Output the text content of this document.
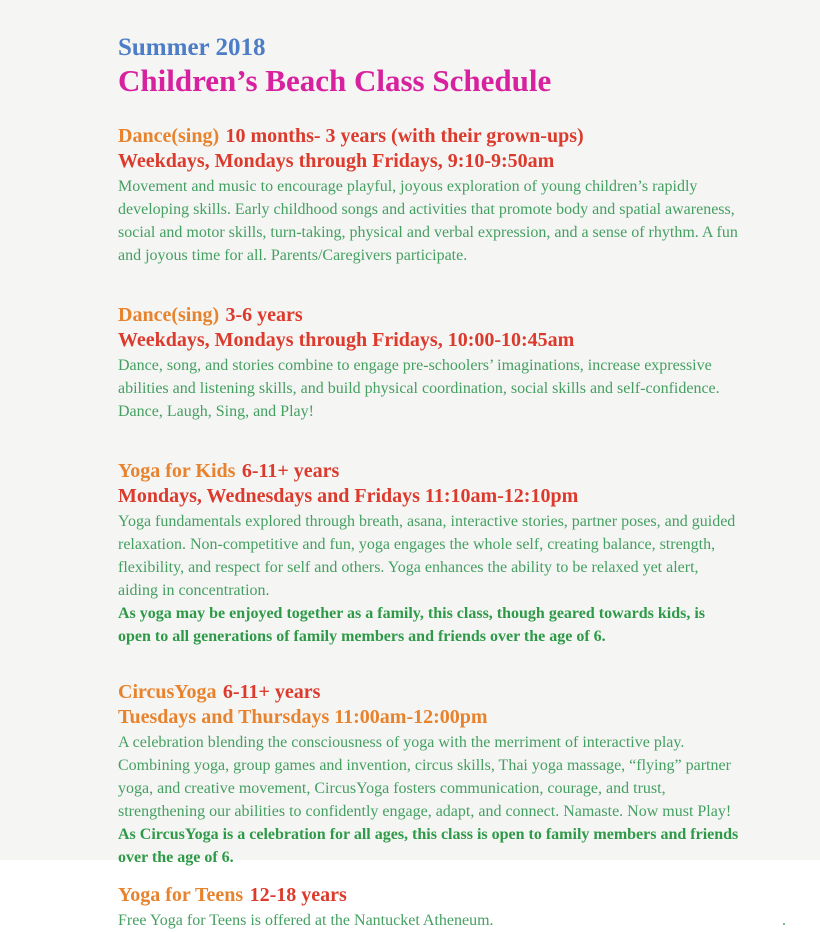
Summer 2018
Children’s Beach Class Schedule
Dance(sing) 10 months- 3 years (with their grown-ups)
Weekdays, Mondays through Fridays, 9:10-9:50am

Movement and music to encourage playful, joyous exploration of young children’s rapidly developing skills. Early childhood songs and activities that promote body and spatial awareness, social and motor skills, turn-taking, physical and verbal expression, and a sense of rhythm. A fun and joyous time for all. Parents/Caregivers participate.

Dance(sing) 3-6 years
Weekdays, Mondays through Fridays, 10:00-10:45am

Dance, song, and stories combine to engage pre-schoolers’ imaginations, increase expressive abilities and listening skills, and build physical coordination, social skills and self-confidence. Dance, Laugh, Sing, and Play!

Yoga for Kids 6-11+ years
Mondays, Wednesdays and Fridays 11:10am-12:10pm

Yoga fundamentals explored through breath, asana, interactive stories, partner poses, and guided relaxation. Non-competitive and fun, yoga engages the whole self, creating balance, strength, flexibility, and respect for self and others. Yoga enhances the ability to be relaxed yet alert, aiding in concentration.

As yoga may be enjoyed together as a family, this class, though geared towards kids, is open to all generations of family members and friends over the age of 6.

CircusYoga 6-11+ years
Tuesdays and Thursdays 11:00am-12:00pm

A celebration blending the consciousness of yoga with the merriment of interactive play. Combining yoga, group games and invention, circus skills, Thai yoga massage, “flying” partner yoga, and creative movement, CircusYoga fosters communication, courage, and trust, strengthening our abilities to confidently engage, adapt, and connect. Namaste. Now must Play!

As CircusYoga is a celebration for all ages, this class is open to family members and friends over the age of 6.

Yoga for Teens 12-18 years

Free Yoga for Teens is offered at the Nantucket Atheneum.	.
